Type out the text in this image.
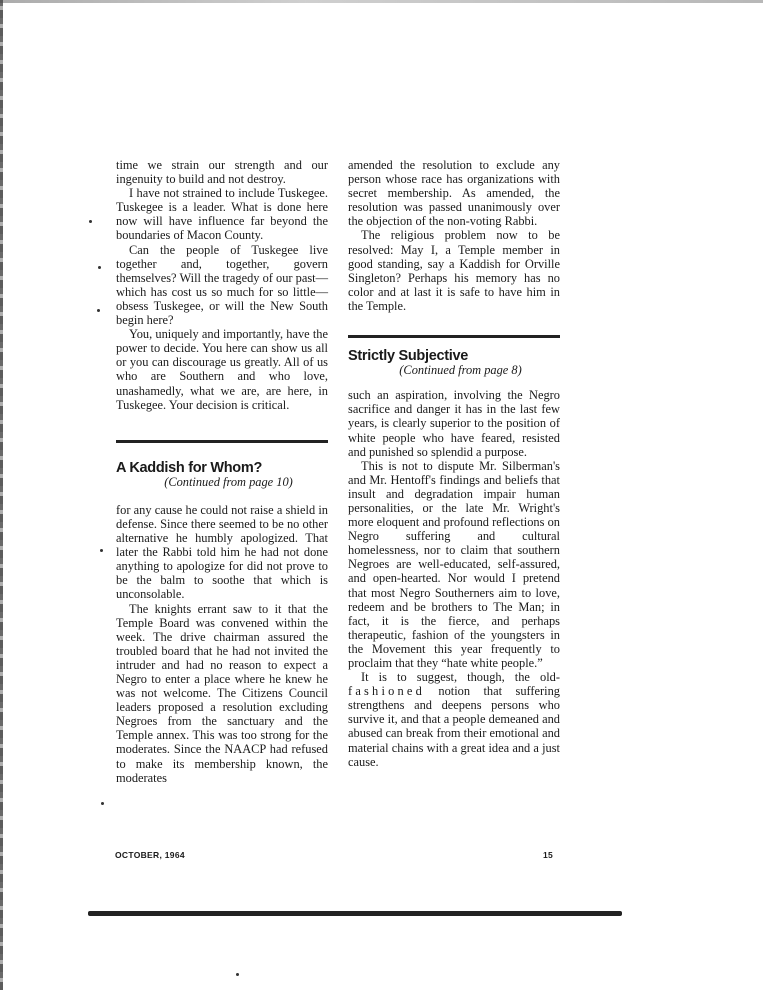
time we strain our strength and our ingenuity to build and not destroy.

I have not strained to include Tuskegee. Tuskegee is a leader. What is done here now will have influence far beyond the boundaries of Macon County.

Can the people of Tuskegee live together and, together, govern themselves? Will the tragedy of our past—which has cost us so much for so little—obsess Tuskegee, or will the New South begin here?

You, uniquely and importantly, have the power to decide. You here can show us all or you can discourage us greatly. All of us who are Southern and who love, unashamedly, what we are, are here, in Tuskegee. Your decision is critical.

A Kaddish for Whom?

(Continued from page 10)

for any cause he could not raise a shield in defense. Since there seemed to be no other alternative he humbly apologized. That later the Rabbi told him he had not done anything to apologize for did not prove to be the balm to soothe that which is unconsolable.

The knights errant saw to it that the Temple Board was convened within the week. The drive chairman assured the troubled board that he had not invited the intruder and had no reason to expect a Negro to enter a place where he knew he was not welcome. The Citizens Council leaders proposed a resolution excluding Negroes from the sanctuary and the Temple annex. This was too strong for the moderates. Since the NAACP had refused to make its membership known, the moderates

amended the resolution to exclude any person whose race has organizations with secret membership. As amended, the resolution was passed unanimously over the objection of the non-voting Rabbi.

The religious problem now to be resolved: May I, a Temple member in good standing, say a Kaddish for Orville Singleton? Perhaps his memory has no color and at last it is safe to have him in the Temple.

Strictly Subjective

(Continued from page 8)

such an aspiration, involving the Negro sacrifice and danger it has in the last few years, is clearly superior to the position of white people who have feared, resisted and punished so splendid a purpose.

This is not to dispute Mr. Silberman's and Mr. Hentoff's findings and beliefs that insult and degradation impair human personalities, or the late Mr. Wright's more eloquent and profound reflections on Negro suffering and cultural homelessness, nor to claim that southern Negroes are well-educated, self-assured, and open-hearted. Nor would I pretend that most Negro Southerners aim to love, redeem and be brothers to The Man; in fact, it is the fierce, and perhaps therapeutic, fashion of the youngsters in the Movement this year frequently to proclaim that they “hate white people.”

It is to suggest, though, the old-fashioned notion that suffering strengthens and deepens persons who survive it, and that a people demeaned and abused can break from their emotional and material chains with a great idea and a just cause.

OCTOBER, 1964	15
